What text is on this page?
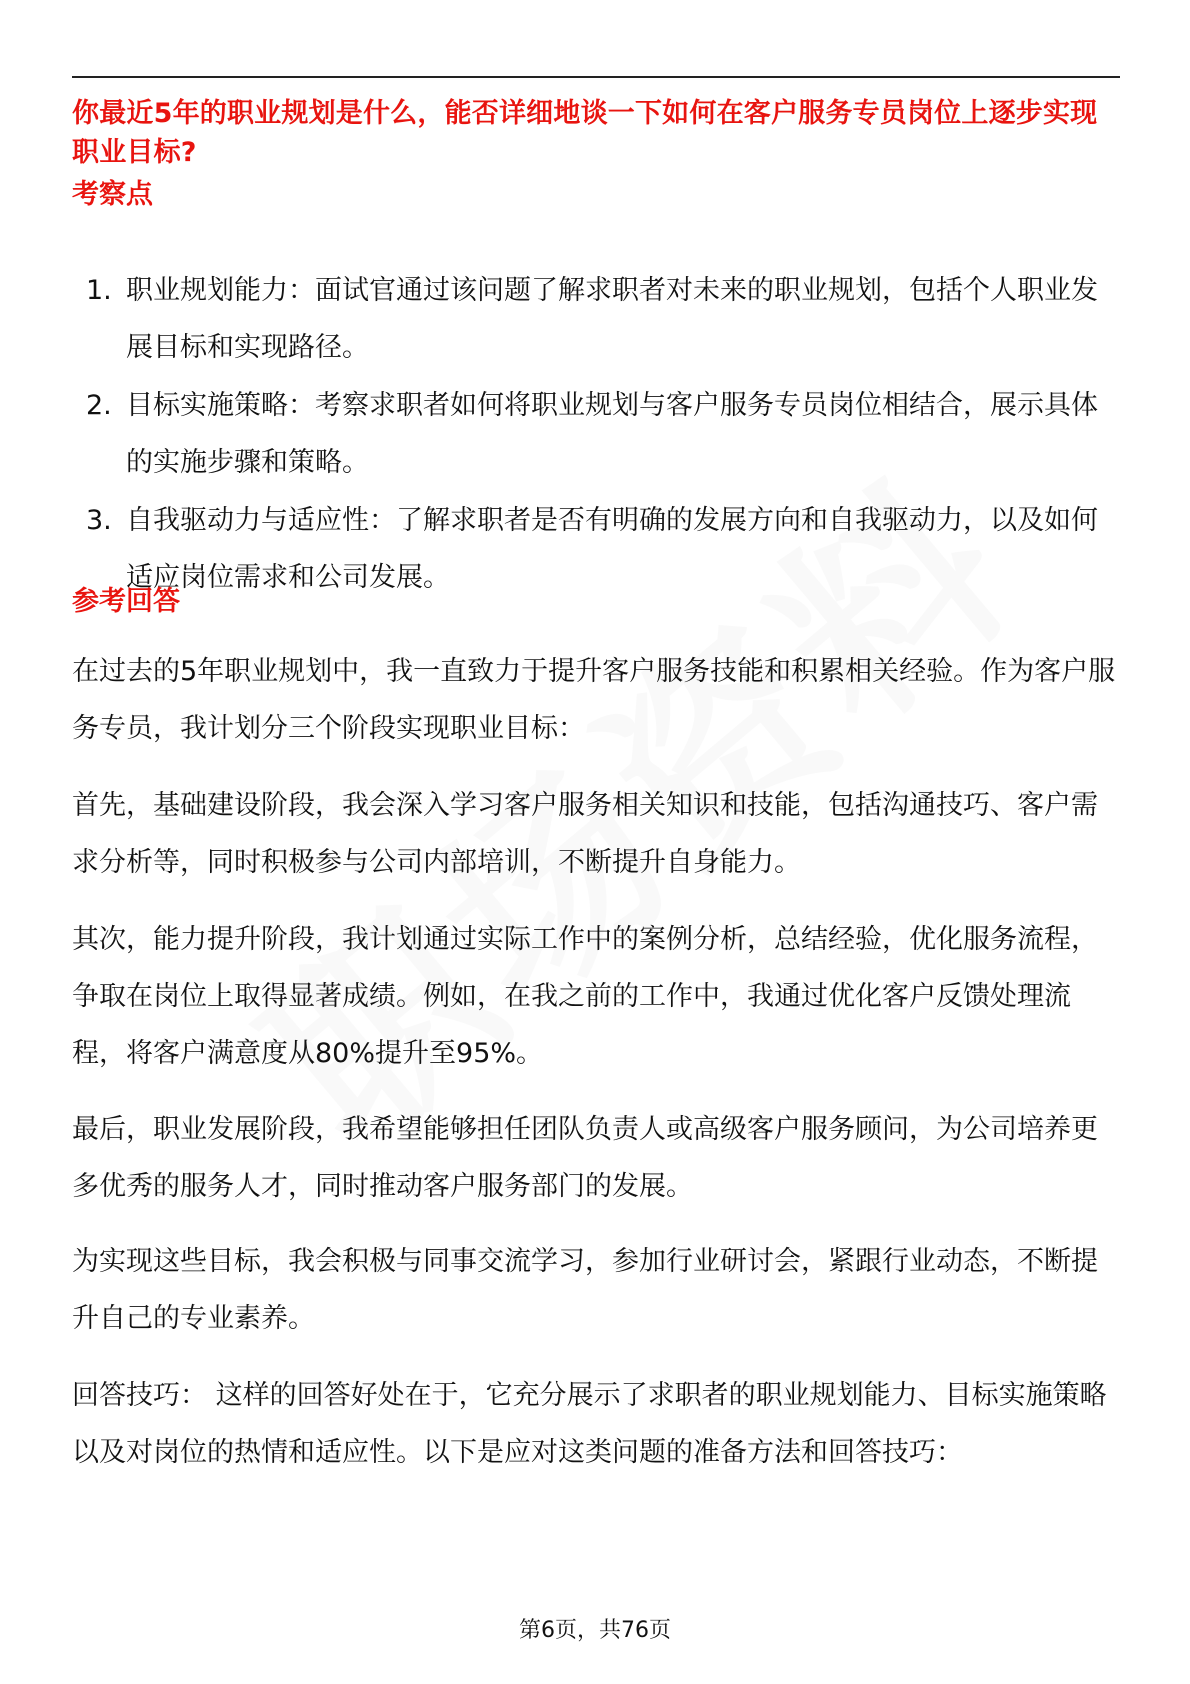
你最近5年的职业规划是什么，能否详细地谈一下如何在客户服务专员岗位上逐步实现职业目标?
考察点
1. 职业规划能力：面试官通过该问题了解求职者对未来的职业规划，包括个人职业发展目标和实现路径。
2. 目标实施策略：考察求职者如何将职业规划与客户服务专员岗位相结合，展示具体的实施步骤和策略。
3. 自我驱动力与适应性：了解求职者是否有明确的发展方向和自我驱动力，以及如何适应岗位需求和公司发展。
参考回答

在过去的5年职业规划中，我一直致力于提升客户服务技能和积累相关经验。作为客户服务专员，我计划分三个阶段实现职业目标：

首先，基础建设阶段，我会深入学习客户服务相关知识和技能，包括沟通技巧、客户需求分析等，同时积极参与公司内部培训，不断提升自身能力。

其次，能力提升阶段，我计划通过实际工作中的案例分析，总结经验，优化服务流程，争取在岗位上取得显著成绩。例如，在我之前的工作中，我通过优化客户反馈处理流程，将客户满意度从80%提升至95%。

最后，职业发展阶段，我希望能够担任团队负责人或高级客户服务顾问，为公司培养更多优秀的服务人才，同时推动客户服务部门的发展。

为实现这些目标，我会积极与同事交流学习，参加行业研讨会，紧跟行业动态，不断提升自己的专业素养。

回答技巧： 这样的回答好处在于，它充分展示了求职者的职业规划能力、目标实施策略以及对岗位的热情和适应性。以下是应对这类问题的准备方法和回答技巧：

第6页，共76页
